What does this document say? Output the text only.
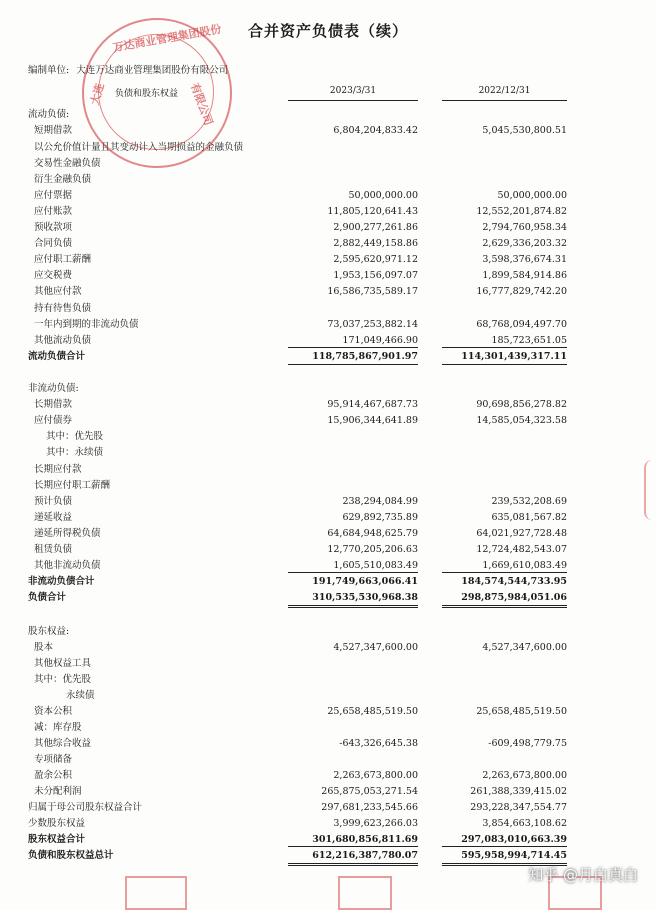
合并资产负债表（续）
编制单位: 大连万达商业管理集团股份有限公司
负债和股东权益	2023/3/31	2022/12/31
流动负债:
短期借款	6,804,204,833.42	5,045,530,800.51
以公允价值计量且其变动计入当期损益的金融负债
交易性金融负债
衍生金融负债
应付票据	50,000,000.00	50,000,000.00
应付账款	11,805,120,641.43	12,552,201,874.82
预收款项	2,900,277,261.86	2,794,760,958.34
合同负债	2,882,449,158.86	2,629,336,203.32
应付职工薪酬	2,595,620,971.12	3,598,376,674.31
应交税费	1,953,156,097.07	1,899,584,914.86
其他应付款	16,586,735,589.17	16,777,829,742.20
持有待售负债
一年内到期的非流动负债	73,037,253,882.14	68,768,094,497.70
其他流动负债	171,049,466.90	185,723,651.05
流动负债合计	118,785,867,901.97	114,301,439,317.11
非流动负债:
长期借款	95,914,467,687.73	90,698,856,278.82
应付债券	15,906,344,641.89	14,585,054,323.58
其中：优先股
其中：永续债
长期应付款
长期应付职工薪酬
预计负债	238,294,084.99	239,532,208.69
递延收益	629,892,735.89	635,081,567.82
递延所得税负债	64,684,948,625.79	64,021,927,728.48
租赁负债	12,770,205,206.63	12,724,482,543.07
其他非流动负债	1,605,510,083.49	1,669,610,083.49
非流动负债合计	191,749,663,066.41	184,574,544,733.95
负债合计	310,535,530,968.38	298,875,984,051.06
股东权益:
股本	4,527,347,600.00	4,527,347,600.00
其他权益工具
其中：优先股
永续债
资本公积	25,658,485,519.50	25,658,485,519.50
减：库存股
其他综合收益	-643,326,645.38	-609,498,779.75
专项储备
盈余公积	2,263,673,800.00	2,263,673,800.00
未分配利润	265,875,053,271.54	261,388,339,415.02
归属于母公司股东权益合计	297,681,233,545.66	293,228,347,554.77
少数股东权益	3,999,623,266.03	3,854,663,108.62
股东权益合计	301,680,856,811.69	297,083,010,663.39
负债和股东权益总计	612,216,387,780.07	595,958,994,714.45
万达商业管理集团股份
大连	有限公司
知乎 @月白真白
